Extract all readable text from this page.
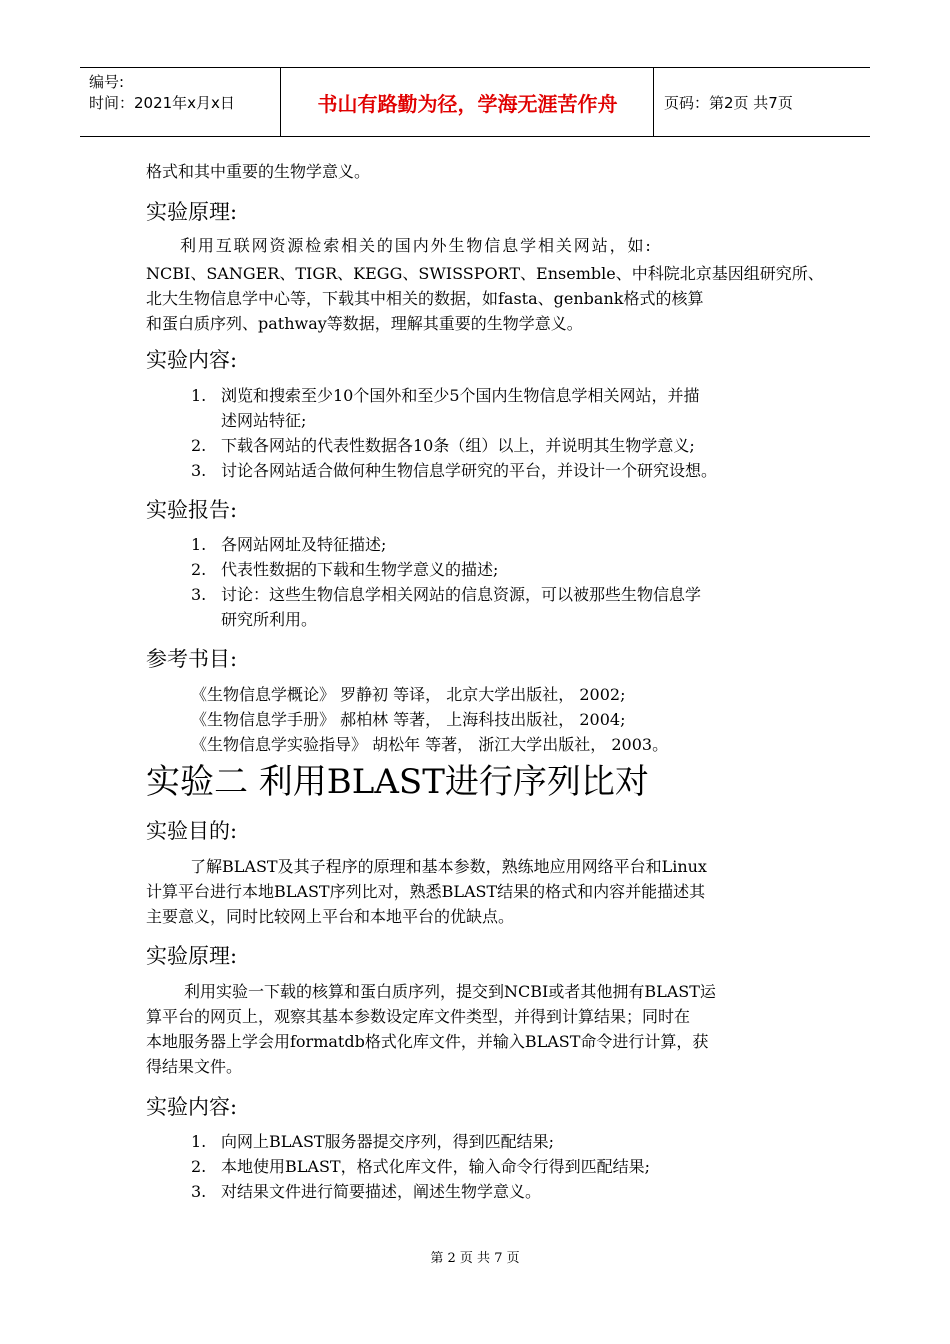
编号:
时间：2021年x月x日	书山有路勤为径，学海无涯苦作舟	页码：第2页 共7页
格式和其中重要的生物学意义。
实验原理:
利用互联网资源检索相关的国内外生物信息学相关网站，如:
NCBI、SANGER、TIGR、KEGG、SWISSPORT、Ensemble、中科院北京基因组研究所、
北大生物信息学中心等，下载其中相关的数据，如fasta、genbank格式的核算
和蛋白质序列、pathway等数据，理解其重要的生物学意义。
实验内容:
1. 浏览和搜索至少10个国外和至少5个国内生物信息学相关网站，并描
述网站特征;
2. 下载各网站的代表性数据各10条（组）以上，并说明其生物学意义;
3. 讨论各网站适合做何种生物信息学研究的平台，并设计一个研究设想。
实验报告:
1. 各网站网址及特征描述;
2. 代表性数据的下载和生物学意义的描述;
3. 讨论：这些生物信息学相关网站的信息资源，可以被那些生物信息学
研究所利用。
参考书目:
《生物信息学概论》 罗静初 等译， 北京大学出版社， 2002;
《生物信息学手册》 郝柏林 等著， 上海科技出版社， 2004;
《生物信息学实验指导》 胡松年 等著， 浙江大学出版社， 2003。
实验二 利用BLAST进行序列比对
实验目的:
了解BLAST及其子程序的原理和基本参数，熟练地应用网络平台和Linux
计算平台进行本地BLAST序列比对，熟悉BLAST结果的格式和内容并能描述其
主要意义，同时比较网上平台和本地平台的优缺点。
实验原理:
利用实验一下载的核算和蛋白质序列，提交到NCBI或者其他拥有BLAST运
算平台的网页上，观察其基本参数设定库文件类型，并得到计算结果；同时在
本地服务器上学会用formatdb格式化库文件，并输入BLAST命令进行计算，获
得结果文件。
实验内容:
1. 向网上BLAST服务器提交序列，得到匹配结果;
2. 本地使用BLAST，格式化库文件，输入命令行得到匹配结果;
3. 对结果文件进行简要描述，阐述生物学意义。
第 2 页 共 7 页
